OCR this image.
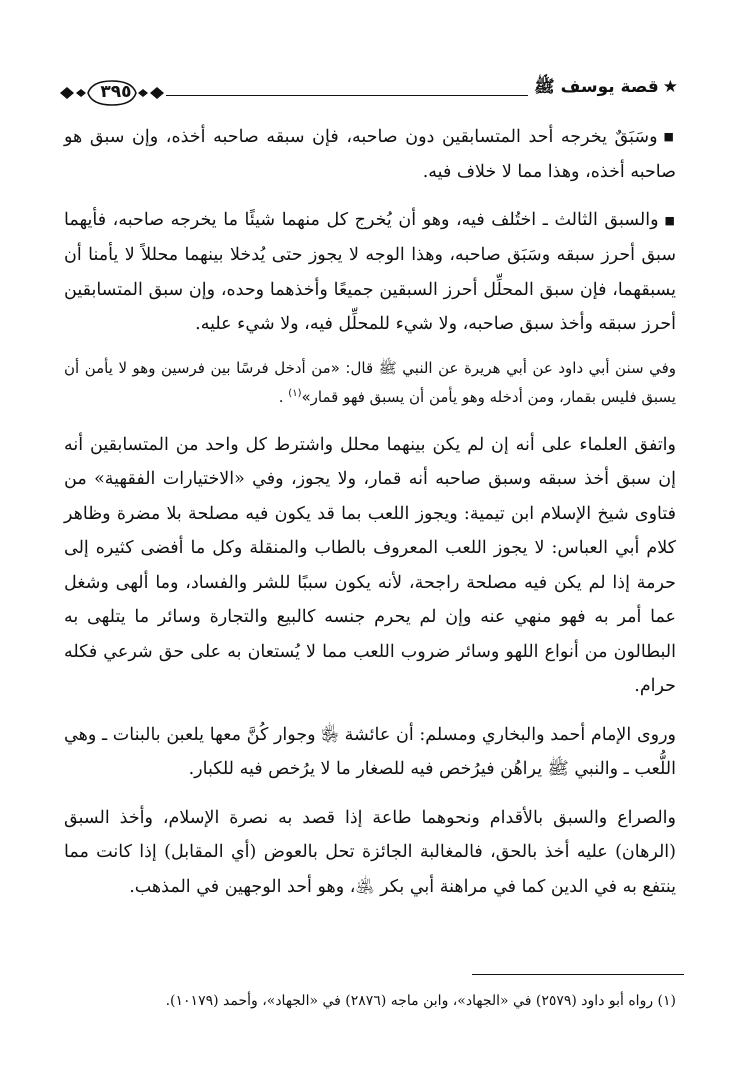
★قصة يوسف ﷺ
٣٩٥

■وسَبَقٌ يخرجه أحد المتسابقين دون صاحبه، فإن سبقه صاحبه أخذه، وإن سبق هو صاحبه أخذه، وهذا مما لا خلاف فيه.

■والسبق الثالث ـ اختُلف فيه، وهو أن يُخرج كل منهما شيئًا ما يخرجه صاحبه، فأيهما سبق أحرز سبقه وسَبَق صاحبه، وهذا الوجه لا يجوز حتى يُدخلا بينهما محللاً لا يأمنا أن يسبقهما، فإن سبق المحلِّل أحرز السبقين جميعًا وأخذهما وحده، وإن سبق المتسابقين أحرز سبقه وأخذ سبق صاحبه، ولا شيء للمحلِّل فيه، ولا شيء عليه.

وفي سنن أبي داود عن أبي هريرة عن النبي ﷺ قال: «من أدخل فرسًا بين فرسين وهو لا يأمن أن يسبق فليس بقمار، ومن أدخله وهو يأمن أن يسبق فهو قمار»$^{(١)}$ .

واتفق العلماء على أنه إن لم يكن بينهما محلل واشترط كل واحد من المتسابقين أنه إن سبق أخذ سبقه وسبق صاحبه أنه قمار، ولا يجوز، وفي «الاختيارات الفقهية» من فتاوى شيخ الإسلام ابن تيمية: ويجوز اللعب بما قد يكون فيه مصلحة بلا مضرة وظاهر كلام أبي العباس: لا يجوز اللعب المعروف بالطاب والمنقلة وكل ما أفضى كثيره إلى حرمة إذا لم يكن فيه مصلحة راجحة، لأنه يكون سببًا للشر والفساد، وما ألهى وشغل عما أمر به فهو منهي عنه وإن لم يحرم جنسه كالبيع والتجارة وسائر ما يتلهى به البطالون من أنواع اللهو وسائر ضروب اللعب مما لا يُستعان به على حق شرعي فكله حرام.

وروى الإمام أحمد والبخاري ومسلم: أن عائشة ﵂ وجوار كُنَّ معها يلعبن بالبنات ـ وهي اللُّعب ـ والنبي ﷺ يراهُن فيرُخص فيه للصغار ما لا يرُخص فيه للكبار.

والصراع والسبق بالأقدام ونحوهما طاعة إذا قصد به نصرة الإسلام، وأخذ السبق (الرهان) عليه أخذ بالحق، فالمغالبة الجائزة تحل بالعوض (أي المقابل) إذا كانت مما ينتفع به في الدين كما في مراهنة أبي بكر ﵁، وهو أحد الوجهين في المذهب.

(١) رواه أبو داود (٢٥٧٩) في «الجهاد»، وابن ماجه (٢٨٧٦) في «الجهاد»، وأحمد (١٠١٧٩).
